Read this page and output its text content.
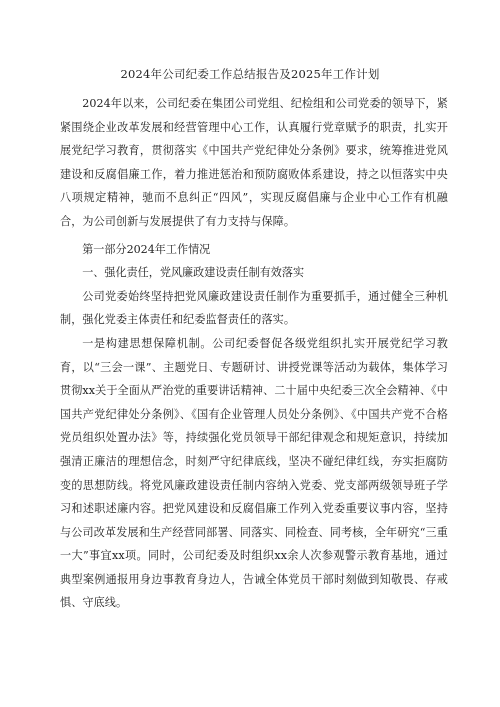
2024年公司纪委工作总结报告及2025年工作计划

2024年以来，公司纪委在集团公司党组、纪检组和公司党委的领导下，紧紧围绕企业改革发展和经营管理中心工作，认真履行党章赋予的职责，扎实开展党纪学习教育，贯彻落实《中国共产党纪律处分条例》要求，统筹推进党风建设和反腐倡廉工作，着力推进惩治和预防腐败体系建设，持之以恒落实中央八项规定精神，驰而不息纠正“四风”，实现反腐倡廉与企业中心工作有机融合，为公司创新与发展提供了有力支持与保障。

第一部分2024年工作情况

一、强化责任，党风廉政建设责任制有效落实

公司党委始终坚持把党风廉政建设责任制作为重要抓手，通过健全三种机制，强化党委主体责任和纪委监督责任的落实。

一是构建思想保障机制。公司纪委督促各级党组织扎实开展党纪学习教育，以“三会一课”、主题党日、专题研讨、讲授党课等活动为载体，集体学习贯彻xx关于全面从严治党的重要讲话精神、二十届中央纪委三次全会精神、《中国共产党纪律处分条例》、《国有企业管理人员处分条例》、《中国共产党不合格党员组织处置办法》等，持续强化党员领导干部纪律观念和规矩意识，持续加强清正廉洁的理想信念，时刻严守纪律底线，坚决不碰纪律红线，夯实拒腐防变的思想防线。将党风廉政建设责任制内容纳入党委、党支部两级领导班子学习和述职述廉内容。把党风建设和反腐倡廉工作列入党委重要议事内容，坚持与公司改革发展和生产经营同部署、同落实、同检查、同考核，全年研究“三重一大”事宜xx项。同时，公司纪委及时组织xx余人次参观警示教育基地，通过典型案例通报用身边事教育身边人，告诫全体党员干部时刻做到知敬畏、存戒惧、守底线。
